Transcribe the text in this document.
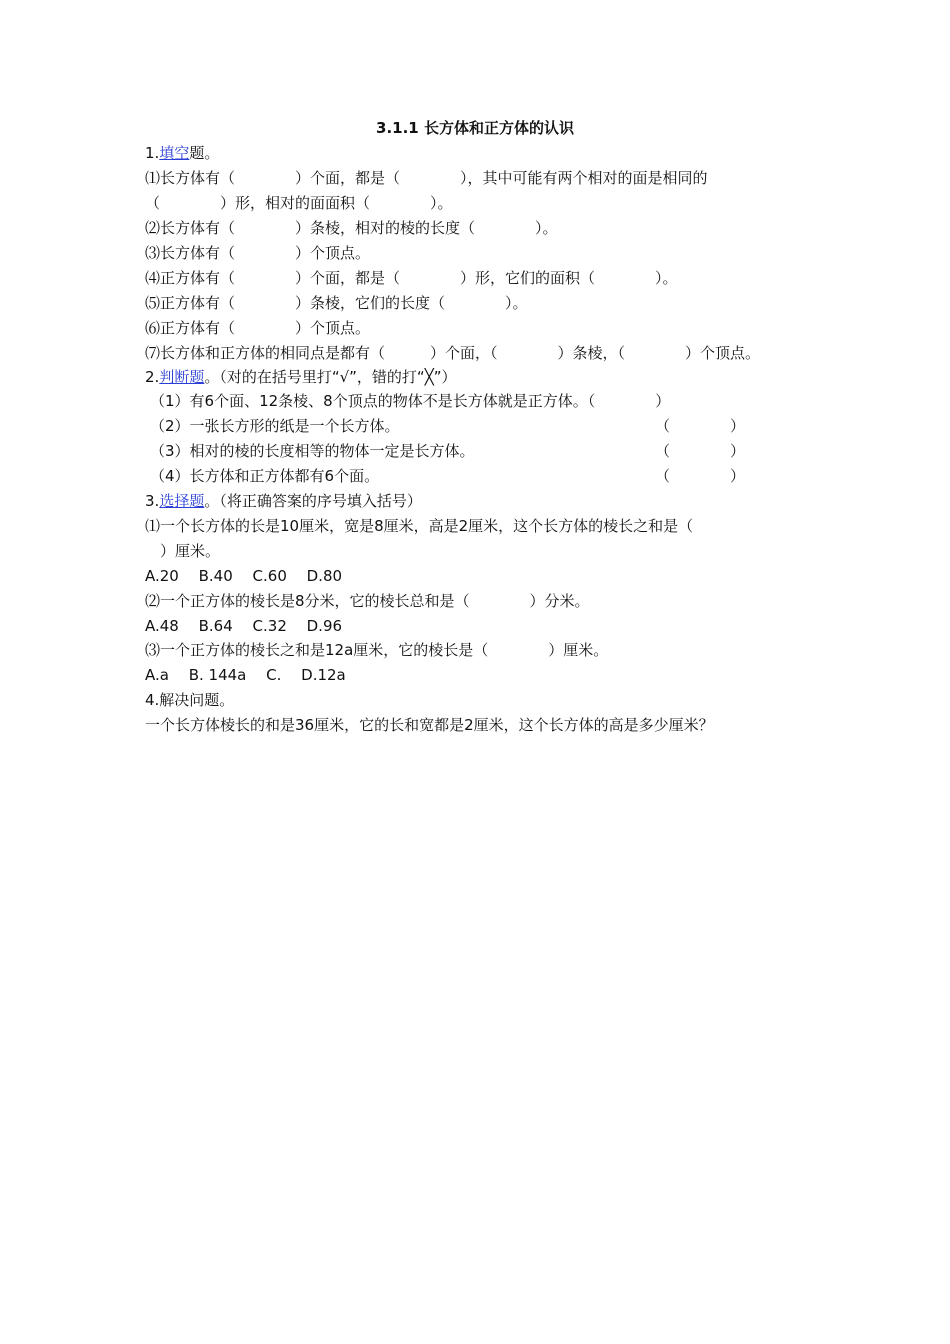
3.1.1 长方体和正方体的认识
1.填空题。
⑴长方体有（　　　　）个面，都是（　　　　），其中可能有两个相对的面是相同的
（　　　　）形，相对的面面积（　　　　）。
⑵长方体有（　　　　）条棱，相对的棱的长度（　　　　）。
⑶长方体有（　　　　）个顶点。
⑷正方体有（　　　　）个面，都是（　　　　）形，它们的面积（　　　　）。
⑸正方体有（　　　　）条棱，它们的长度（　　　　）。
⑹正方体有（　　　　）个顶点。
⑺长方体和正方体的相同点是都有（　　　）个面，（　　　　）条棱，（　　　　）个顶点。
2.判断题。（对的在括号里打“√”，错的打“╳”）
（1）有6个面、12条棱、8个顶点的物体不是长方体就是正方体。（　　　　）
（2）一张长方形的纸是一个长方体。	（　　　　）
（3）相对的棱的长度相等的物体一定是长方体。	（　　　　）
（4）长方体和正方体都有6个面。	（　　　　）
3.选择题。（将正确答案的序号填入括号）
⑴一个长方体的长是10厘米，宽是8厘米，高是2厘米，这个长方体的棱长之和是（
　）厘米。
A.20　 B.40　 C.60　 D.80
⑵一个正方体的棱长是8分米，它的棱长总和是（　　　　）分米。
A.48　 B.64　 C.32　 D.96
⑶一个正方体的棱长之和是12a厘米，它的棱长是（　　　　）厘米。
A.a　 B. 144a　 C.　 D.12a
4.解决问题。
一个长方体棱长的和是36厘米，它的长和宽都是2厘米，这个长方体的高是多少厘米？
